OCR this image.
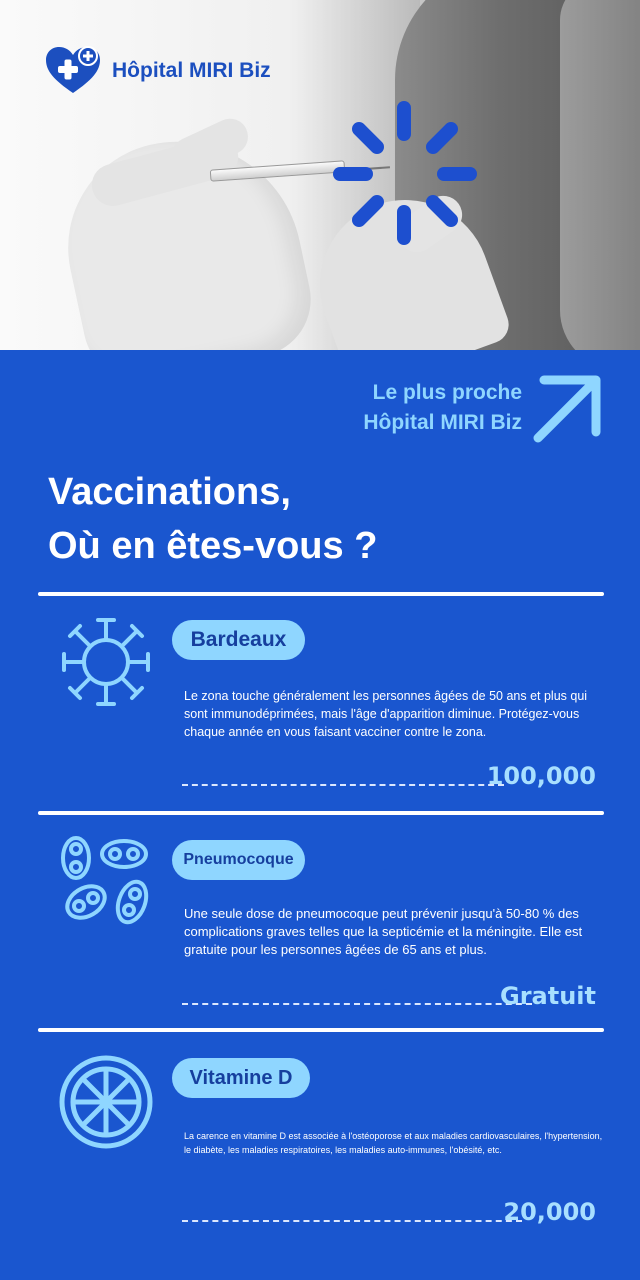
Hôpital MIRI Biz
Le plus proche
Hôpital MIRI Biz
Vaccinations,
Où en êtes-vous ?
Bardeaux

Le zona touche généralement les personnes âgées de 50 ans et plus qui sont immunodéprimées, mais l'âge d'apparition diminue. Protégez-vous chaque année en vous faisant vacciner contre le zona.

100,000
Pneumocoque

Une seule dose de pneumocoque peut prévenir jusqu'à 50-80 % des complications graves telles que la septicémie et la méningite. Elle est gratuite pour les personnes âgées de 65 ans et plus.

Gratuit
Vitamine D

La carence en vitamine D est associée à l'ostéoporose et aux maladies cardiovasculaires, l'hypertension, le diabète, les maladies respiratoires, les maladies auto-immunes, l'obésité, etc.

20,000
